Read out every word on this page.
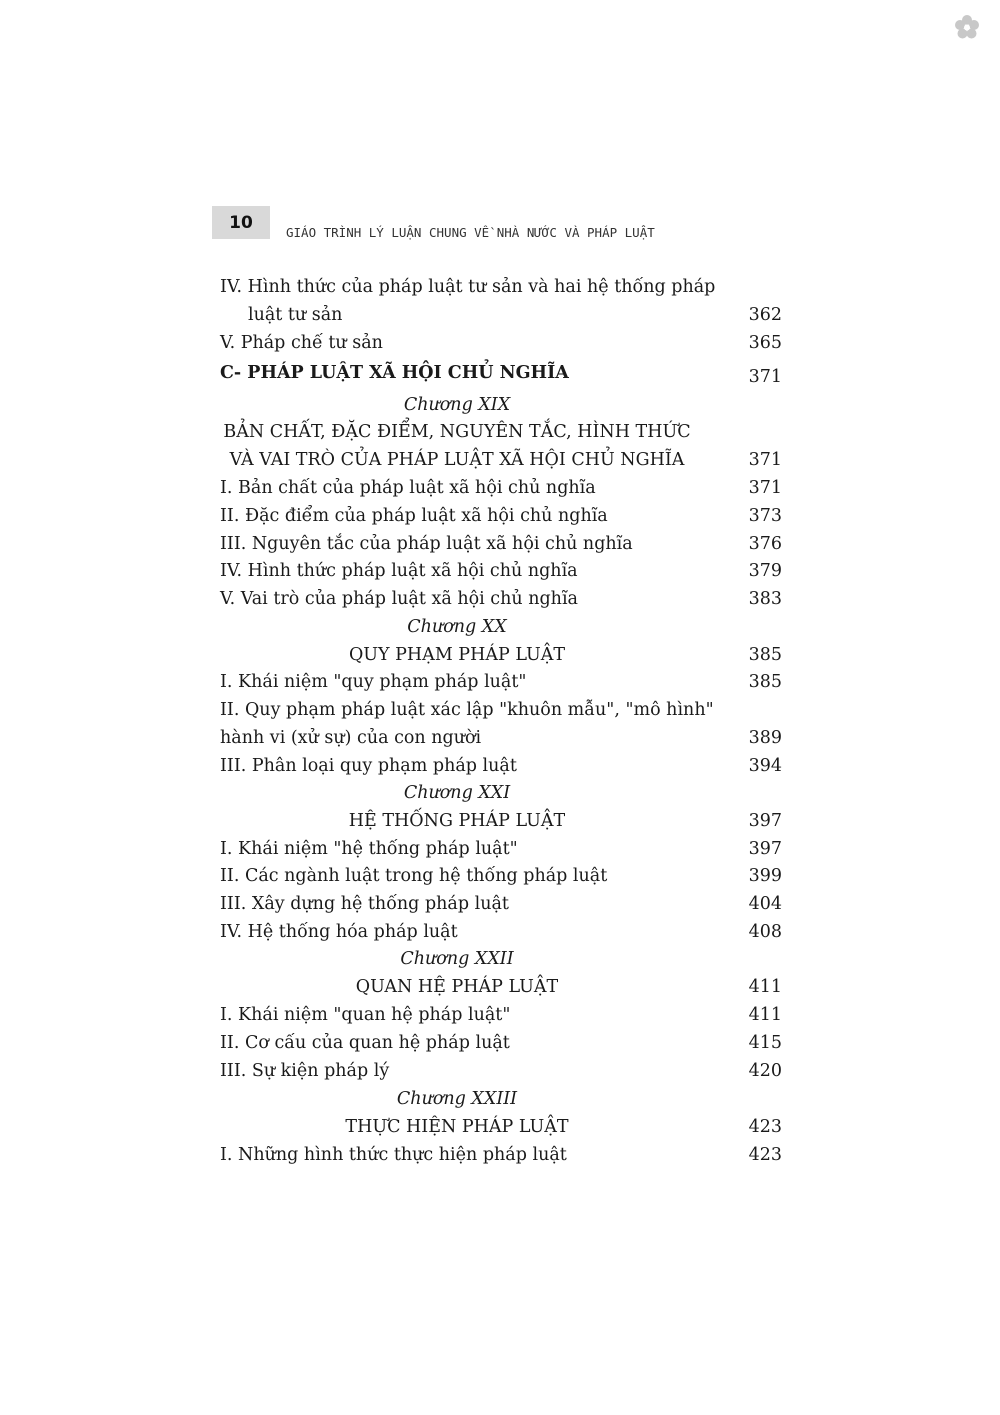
10	GIÁO TRÌNH LÝ LUẬN CHUNG VỀ NHÀ NƯỚC VÀ PHÁP LUẬT
IV. Hình thức của pháp luật tư sản và hai hệ thống pháp
luật tư sản	362
V. Pháp chế tư sản	365
C- PHÁP LUẬT XÃ HỘI CHỦ NGHĨA	371
Chương XIX
BẢN CHẤT, ĐẶC ĐIỂM, NGUYÊN TẮC, HÌNH THỨC
VÀ VAI TRÒ CỦA PHÁP LUẬT XÃ HỘI CHỦ NGHĨA	371
I. Bản chất của pháp luật xã hội chủ nghĩa	371
II. Đặc điểm của pháp luật xã hội chủ nghĩa	373
III. Nguyên tắc của pháp luật xã hội chủ nghĩa	376
IV. Hình thức pháp luật xã hội chủ nghĩa	379
V. Vai trò của pháp luật xã hội chủ nghĩa	383
Chương XX
QUY PHẠM PHÁP LUẬT	385
I. Khái niệm "quy phạm pháp luật"	385
II. Quy phạm pháp luật xác lập "khuôn mẫu", "mô hình"
hành vi (xử sự) của con người	389
III. Phân loại quy phạm pháp luật	394
Chương XXI
HỆ THỐNG PHÁP LUẬT	397
I. Khái niệm "hệ thống pháp luật"	397
II. Các ngành luật trong hệ thống pháp luật	399
III. Xây dựng hệ thống pháp luật	404
IV. Hệ thống hóa pháp luật	408
Chương XXII
QUAN HỆ PHÁP LUẬT	411
I. Khái niệm "quan hệ pháp luật"	411
II. Cơ cấu của quan hệ pháp luật	415
III. Sự kiện pháp lý	420
Chương XXIII
THỰC HIỆN PHÁP LUẬT	423
I. Những hình thức thực hiện pháp luật	423
